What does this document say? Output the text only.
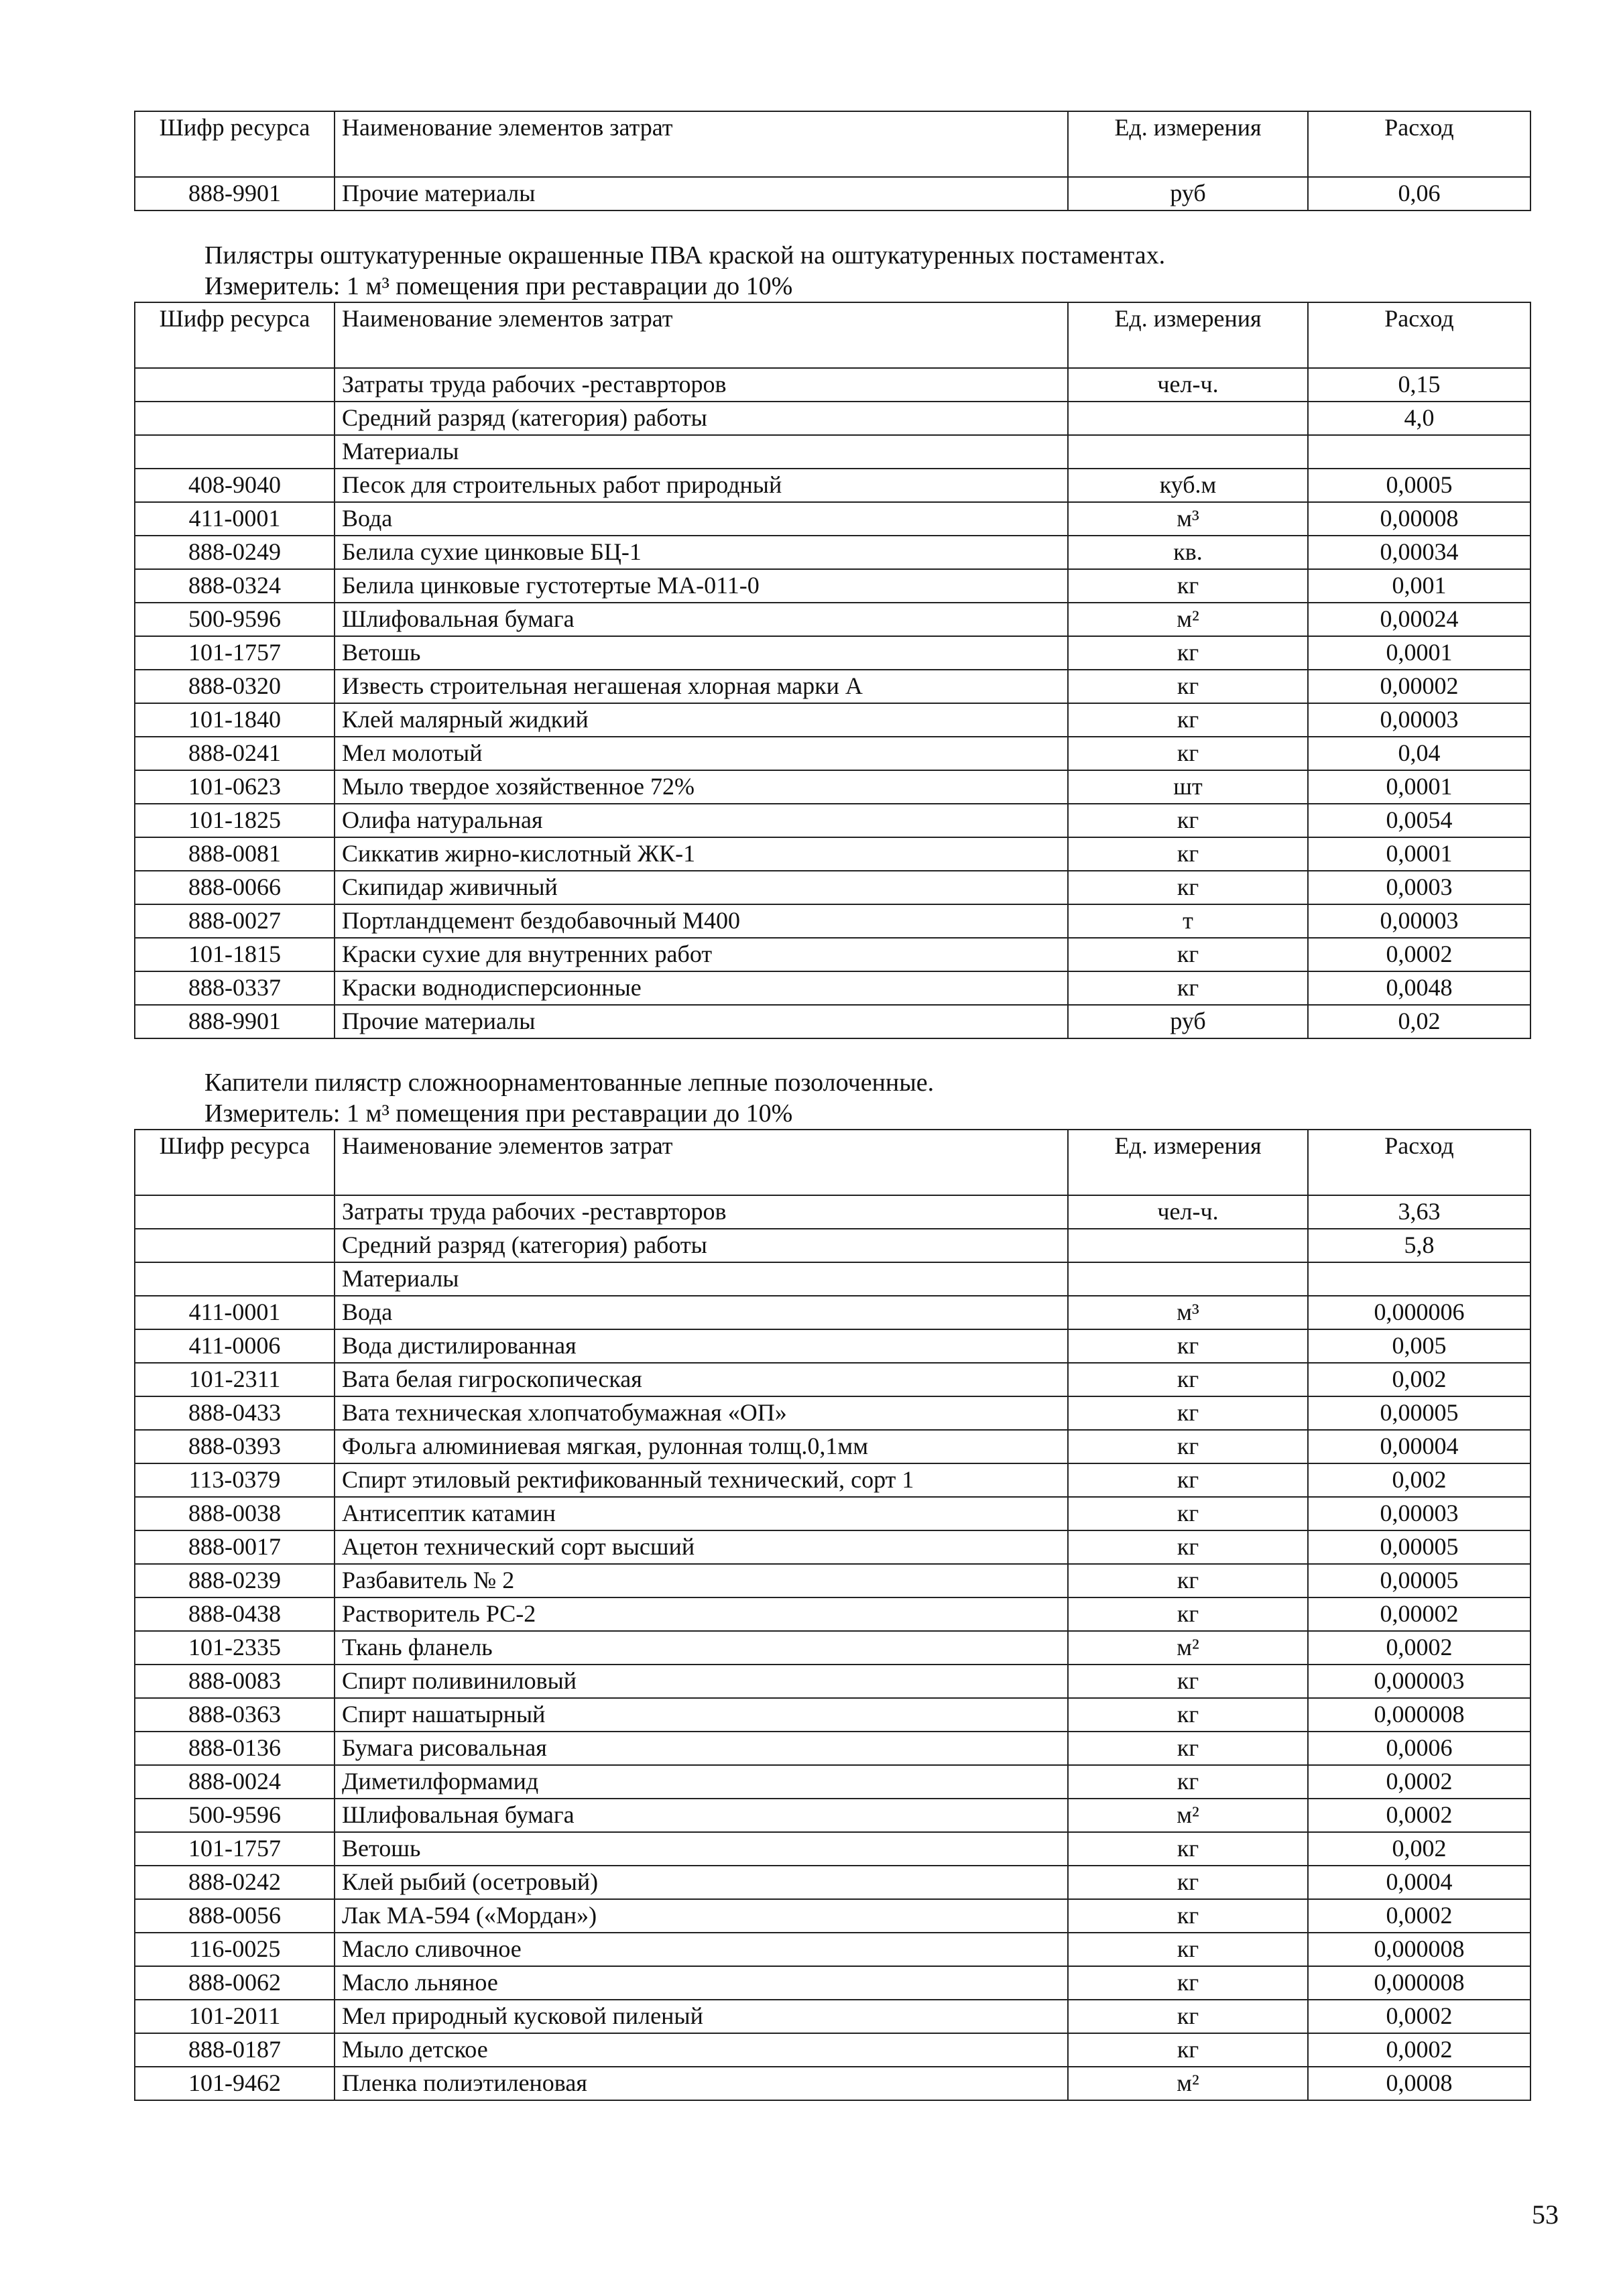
Шифр ресурса	Наименование элементов затрат	Ед. измерения	Расход
888-9901	Прочие материалы	руб	0,06
Пилястры оштукатуренные окрашенные ПВА краской на оштукатуренных постаментах.
Измеритель: 1 м³ помещения при реставрации до 10%
Шифр ресурса	Наименование элементов затрат	Ед. измерения	Расход
	Затраты труда рабочих -реставрторов	чел-ч.	0,15
	Средний разряд (категория) работы		4,0
	Материалы		
408-9040	Песок для строительных работ природный	куб.м	0,0005
411-0001	Вода	м³	0,00008
888-0249	Белила сухие цинковые БЦ-1	кв.	0,00034
888-0324	Белила цинковые густотертые МА-011-0	кг	0,001
500-9596	Шлифовальная бумага	м²	0,00024
101-1757	Ветошь	кг	0,0001
888-0320	Известь строительная негашеная хлорная марки А	кг	0,00002
101-1840	Клей малярный жидкий	кг	0,00003
888-0241	Мел молотый	кг	0,04
101-0623	Мыло твердое хозяйственное 72%	шт	0,0001
101-1825	Олифа натуральная	кг	0,0054
888-0081	Сиккатив жирно-кислотный ЖК-1	кг	0,0001
888-0066	Скипидар живичный	кг	0,0003
888-0027	Портландцемент бездобавочный М400	т	0,00003
101-1815	Краски сухие для внутренних работ	кг	0,0002
888-0337	Краски воднодисперсионные	кг	0,0048
888-9901	Прочие материалы	руб	0,02
Капители пилястр сложноорнаментованные лепные позолоченные.
Измеритель: 1 м³ помещения при реставрации до 10%
Шифр ресурса	Наименование элементов затрат	Ед. измерения	Расход
	Затраты труда рабочих -реставрторов	чел-ч.	3,63
	Средний разряд (категория) работы		5,8
	Материалы		
411-0001	Вода	м³	0,000006
411-0006	Вода дистилированная	кг	0,005
101-2311	Вата белая гигроскопическая	кг	0,002
888-0433	Вата техническая хлопчатобумажная «ОП»	кг	0,00005
888-0393	Фольга алюминиевая мягкая, рулонная толщ.0,1мм	кг	0,00004
113-0379	Спирт этиловый ректификованный технический, сорт 1	кг	0,002
888-0038	Антисептик катамин	кг	0,00003
888-0017	Ацетон технический сорт высший	кг	0,00005
888-0239	Разбавитель № 2	кг	0,00005
888-0438	Растворитель РС-2	кг	0,00002
101-2335	Ткань фланель	м²	0,0002
888-0083	Спирт поливиниловый	кг	0,000003
888-0363	Спирт нашатырный	кг	0,000008
888-0136	Бумага рисовальная	кг	0,0006
888-0024	Диметилформамид	кг	0,0002
500-9596	Шлифовальная бумага	м²	0,0002
101-1757	Ветошь	кг	0,002
888-0242	Клей рыбий (осетровый)	кг	0,0004
888-0056	Лак МА-594 («Мордан»)	кг	0,0002
116-0025	Масло сливочное	кг	0,000008
888-0062	Масло льняное	кг	0,000008
101-2011	Мел природный кусковой пиленый	кг	0,0002
888-0187	Мыло детское	кг	0,0002
101-9462	Пленка полиэтиленовая	м²	0,0008
53
